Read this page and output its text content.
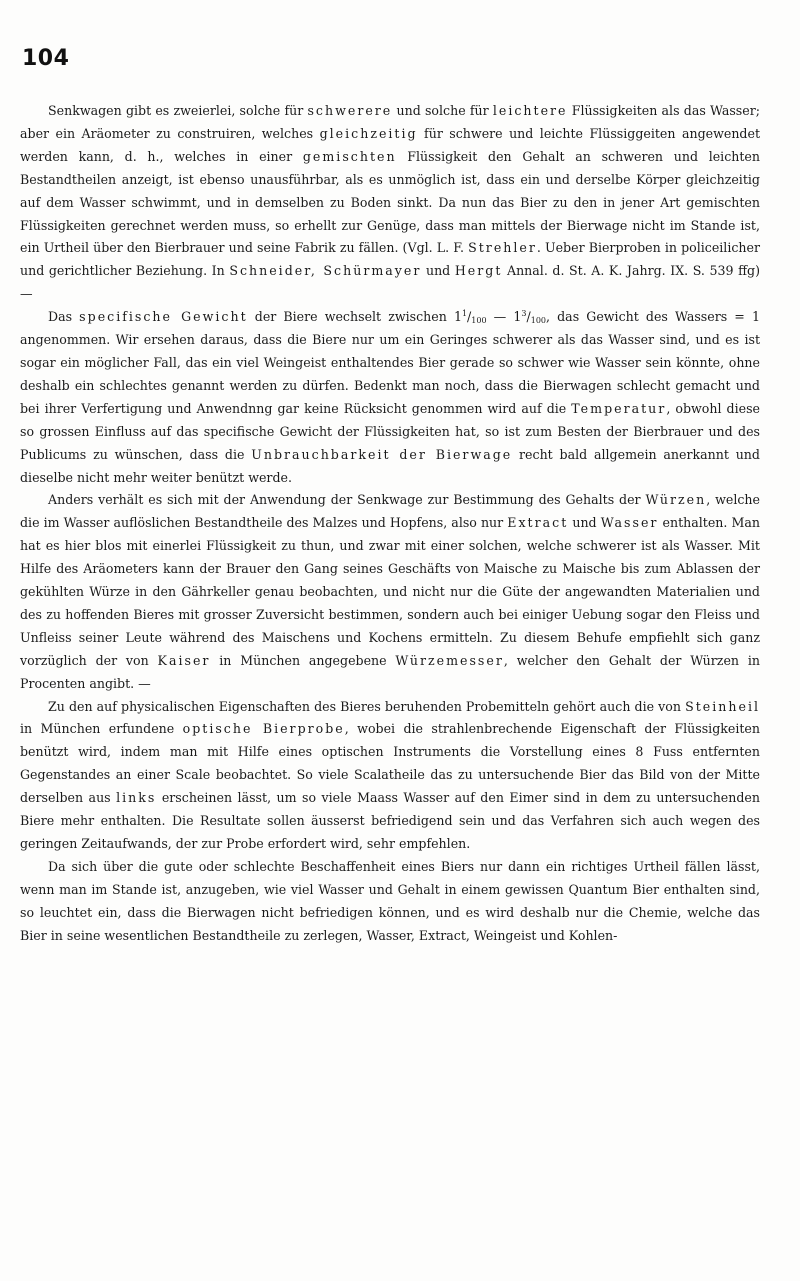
104

Senkwagen gibt es zweierlei, solche für schwerere und solche für leichtere Flüssigkeiten als das Wasser; aber ein Aräometer zu construiren, welches gleichzeitig für schwere und leichte Flüssiggeiten angewendet werden kann, d. h., welches in einer gemischten Flüssigkeit den Gehalt an schweren und leichten Bestandtheilen anzeigt, ist ebenso unausführbar, als es unmöglich ist, dass ein und derselbe Körper gleichzeitig auf dem Wasser schwimmt, und in demselben zu Boden sinkt. Da nun das Bier zu den in jener Art gemischten Flüssigkeiten gerechnet werden muss, so erhellt zur Genüge, dass man mittels der Bierwage nicht im Stande ist, ein Urtheil über den Bierbrauer und seine Fabrik zu fällen. (Vgl. L. F. Strehler. Ueber Bierproben in policeilicher und gerichtlicher Beziehung. In Schneider, Schürmayer und Hergt Annal. d. St. A. K. Jahrg. IX. S. 539 ffg) —

Das specifische Gewicht der Biere wechselt zwischen $1^1/_{100}$ — $1^3/_{100}$, das Gewicht des Wassers = 1 angenommen. Wir ersehen daraus, dass die Biere nur um ein Geringes schwerer als das Wasser sind, und es ist sogar ein möglicher Fall, das ein viel Weingeist enthaltendes Bier gerade so schwer wie Wasser sein könnte, ohne deshalb ein schlechtes genannt werden zu dürfen. Bedenkt man noch, dass die Bierwagen schlecht gemacht und bei ihrer Verfertigung und Anwendnng gar keine Rücksicht genommen wird auf die Temperatur, obwohl diese so grossen Einfluss auf das specifische Gewicht der Flüssigkeiten hat, so ist zum Besten der Bierbrauer und des Publicums zu wünschen, dass die Unbrauchbarkeit der Bierwage recht bald allgemein anerkannt und dieselbe nicht mehr weiter benützt werde.

Anders verhält es sich mit der Anwendung der Senkwage zur Bestimmung des Gehalts der Würzen, welche die im Wasser auflöslichen Bestandtheile des Malzes und Hopfens, also nur Extract und Wasser enthalten. Man hat es hier blos mit einerlei Flüssigkeit zu thun, und zwar mit einer solchen, welche schwerer ist als Wasser. Mit Hilfe des Aräometers kann der Brauer den Gang seines Geschäfts von Maische zu Maische bis zum Ablassen der gekühlten Würze in den Gährkeller genau beobachten, und nicht nur die Güte der angewandten Materialien und des zu hoffenden Bieres mit grosser Zuversicht bestimmen, sondern auch bei einiger Uebung sogar den Fleiss und Unfleiss seiner Leute während des Maischens und Kochens ermitteln. Zu diesem Behufe empfiehlt sich ganz vorzüglich der von Kaiser in München angegebene Würzemesser, welcher den Gehalt der Würzen in Procenten angibt. —

Zu den auf physicalischen Eigenschaften des Bieres beruhenden Probemitteln gehört auch die von Steinheil in München erfundene optische Bierprobe, wobei die strahlenbrechende Eigenschaft der Flüssigkeiten benützt wird, indem man mit Hilfe eines optischen Instruments die Vorstellung eines 8 Fuss entfernten Gegenstandes an einer Scale beobachtet. So viele Scalatheile das zu untersuchende Bier das Bild von der Mitte derselben aus links erscheinen lässt, um so viele Maass Wasser auf den Eimer sind in dem zu untersuchenden Biere mehr enthalten. Die Resultate sollen äusserst befriedigend sein und das Verfahren sich auch wegen des geringen Zeitaufwands, der zur Probe erfordert wird, sehr empfehlen.

Da sich über die gute oder schlechte Beschaffenheit eines Biers nur dann ein richtiges Urtheil fällen lässt, wenn man im Stande ist, anzugeben, wie viel Wasser und Gehalt in einem gewissen Quantum Bier enthalten sind, so leuchtet ein, dass die Bierwagen nicht befriedigen können, und es wird deshalb nur die Chemie, welche das Bier in seine wesentlichen Bestandtheile zu zerlegen, Wasser, Extract, Weingeist und Kohlen-
